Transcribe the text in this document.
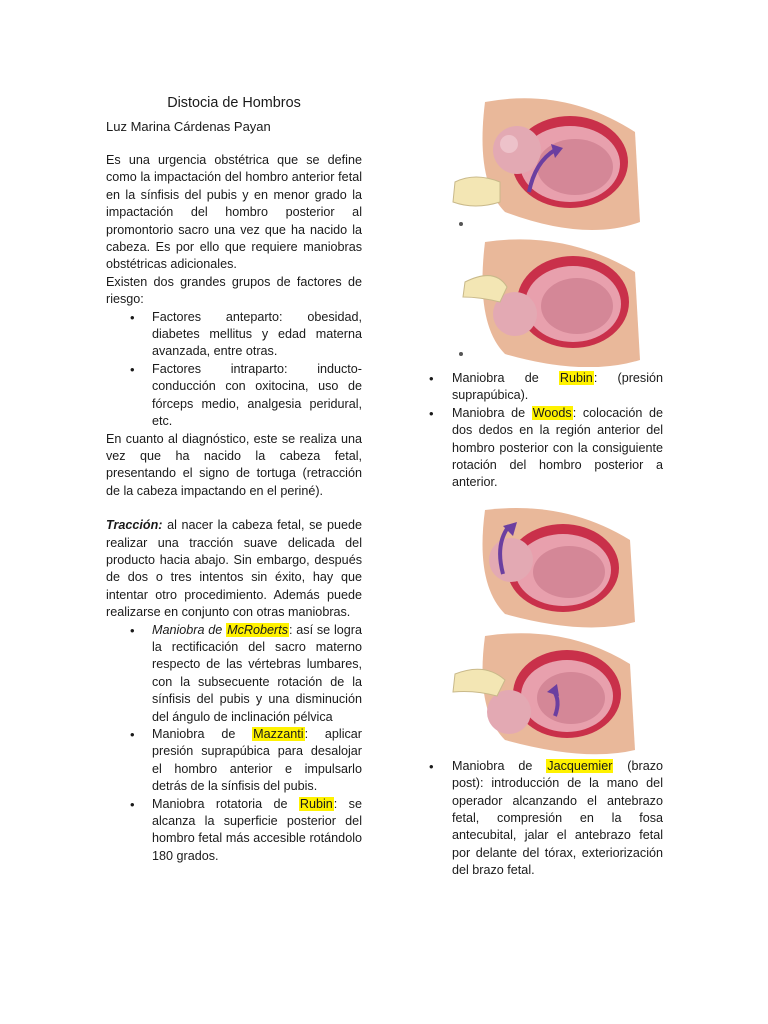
Distocia de Hombros
Luz Marina Cárdenas Payan

Es una urgencia obstétrica que se define como la impactación del hombro anterior fetal en la sínfisis del pubis y en menor grado la impactación del hombro posterior al promontorio sacro una vez que ha nacido la cabeza. Es por ello que requiere maniobras obstétricas adicionales.

Existen dos grandes grupos de factores de riesgo:

• Factores anteparto: obesidad, diabetes mellitus y edad materna avanzada, entre otras.
• Factores intraparto: inducto-conducción con oxitocina, uso de fórceps medio, analgesia peridural, etc.

En cuanto al diagnóstico, este se realiza una vez que ha nacido la cabeza fetal, presentando el signo de tortuga (retracción de la cabeza impactando en el periné).

Tracción: al nacer la cabeza fetal, se puede realizar una tracción suave delicada del producto hacia abajo. Sin embargo, después de dos o tres intentos sin éxito, hay que intentar otro procedimiento. Además puede realizarse en conjunto con otras maniobras.

• Maniobra de McRoberts: así se logra la rectificación del sacro materno respecto de las vértebras lumbares, con la subsecuente rotación de la sínfisis del pubis y una disminución del ángulo de inclinación pélvica
• Maniobra de Mazzanti: aplicar presión suprapúbica para desalojar el hombro anterior e impulsarlo detrás de la sínfisis del pubis.
• Maniobra rotatoria de Rubin: se alcanza la superficie posterior del hombro fetal más accesible rotándolo 180 grados.
• Maniobra de Rubin: (presión suprapúbica).
• Maniobra de Woods: colocación de dos dedos en la región anterior del hombro posterior con la consiguiente rotación del hombro posterior a anterior.
• Maniobra de Jacquemier (brazo post): introducción de la mano del operador alcanzando el antebrazo fetal, compresión en la fosa antecubital, jalar el antebrazo fetal por delante del tórax, exteriorización del brazo fetal.
